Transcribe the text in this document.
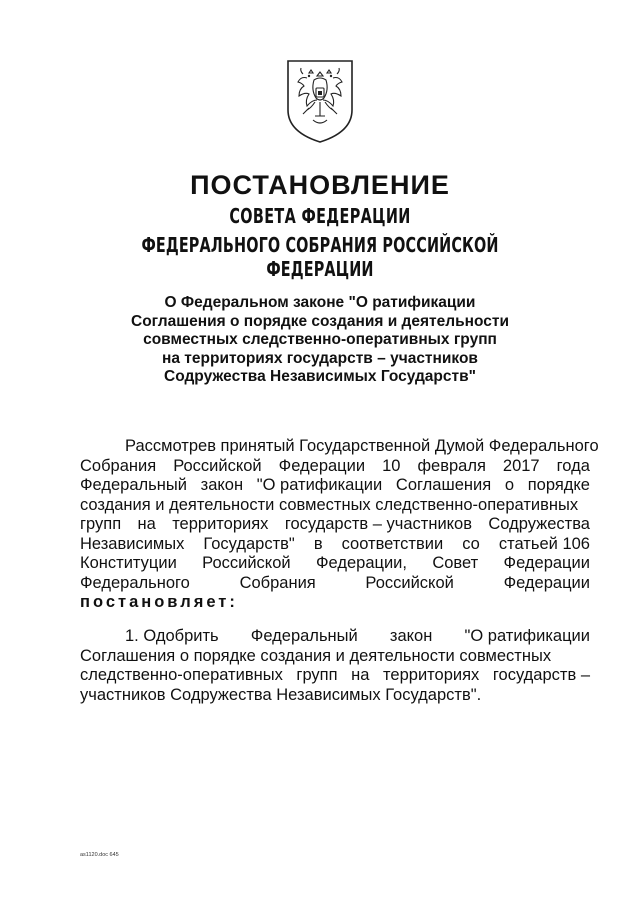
ПОСТАНОВЛЕНИЕ
СОВЕТА ФЕДЕРАЦИИ
ФЕДЕРАЛЬНОГО СОБРАНИЯ РОССИЙСКОЙ ФЕДЕРАЦИИ
О Федеральном законе "О ратификации
Соглашения о порядке создания и деятельности
совместных следственно-оперативных групп
на территориях государств – участников
Содружества Независимых Государств"
Рассмотрев принятый Государственной Думой Федерального
Собрания Российской Федерации 10 февраля 2017 года
Федеральный закон "О ратификации Соглашения о порядке
создания и деятельности совместных следственно-оперативных
групп на территориях государств – участников Содружества
Независимых Государств" в соответствии со статьей 106
Конституции Российской Федерации, Совет Федерации
Федерального	Собрания	Российской	Федерации
постановляет:
1. Одобрить Федеральный закон "О ратификации
Соглашения о порядке создания и деятельности совместных
следственно-оперативных групп на территориях государств –
участников Содружества Независимых Государств".
as1120.doc 645
